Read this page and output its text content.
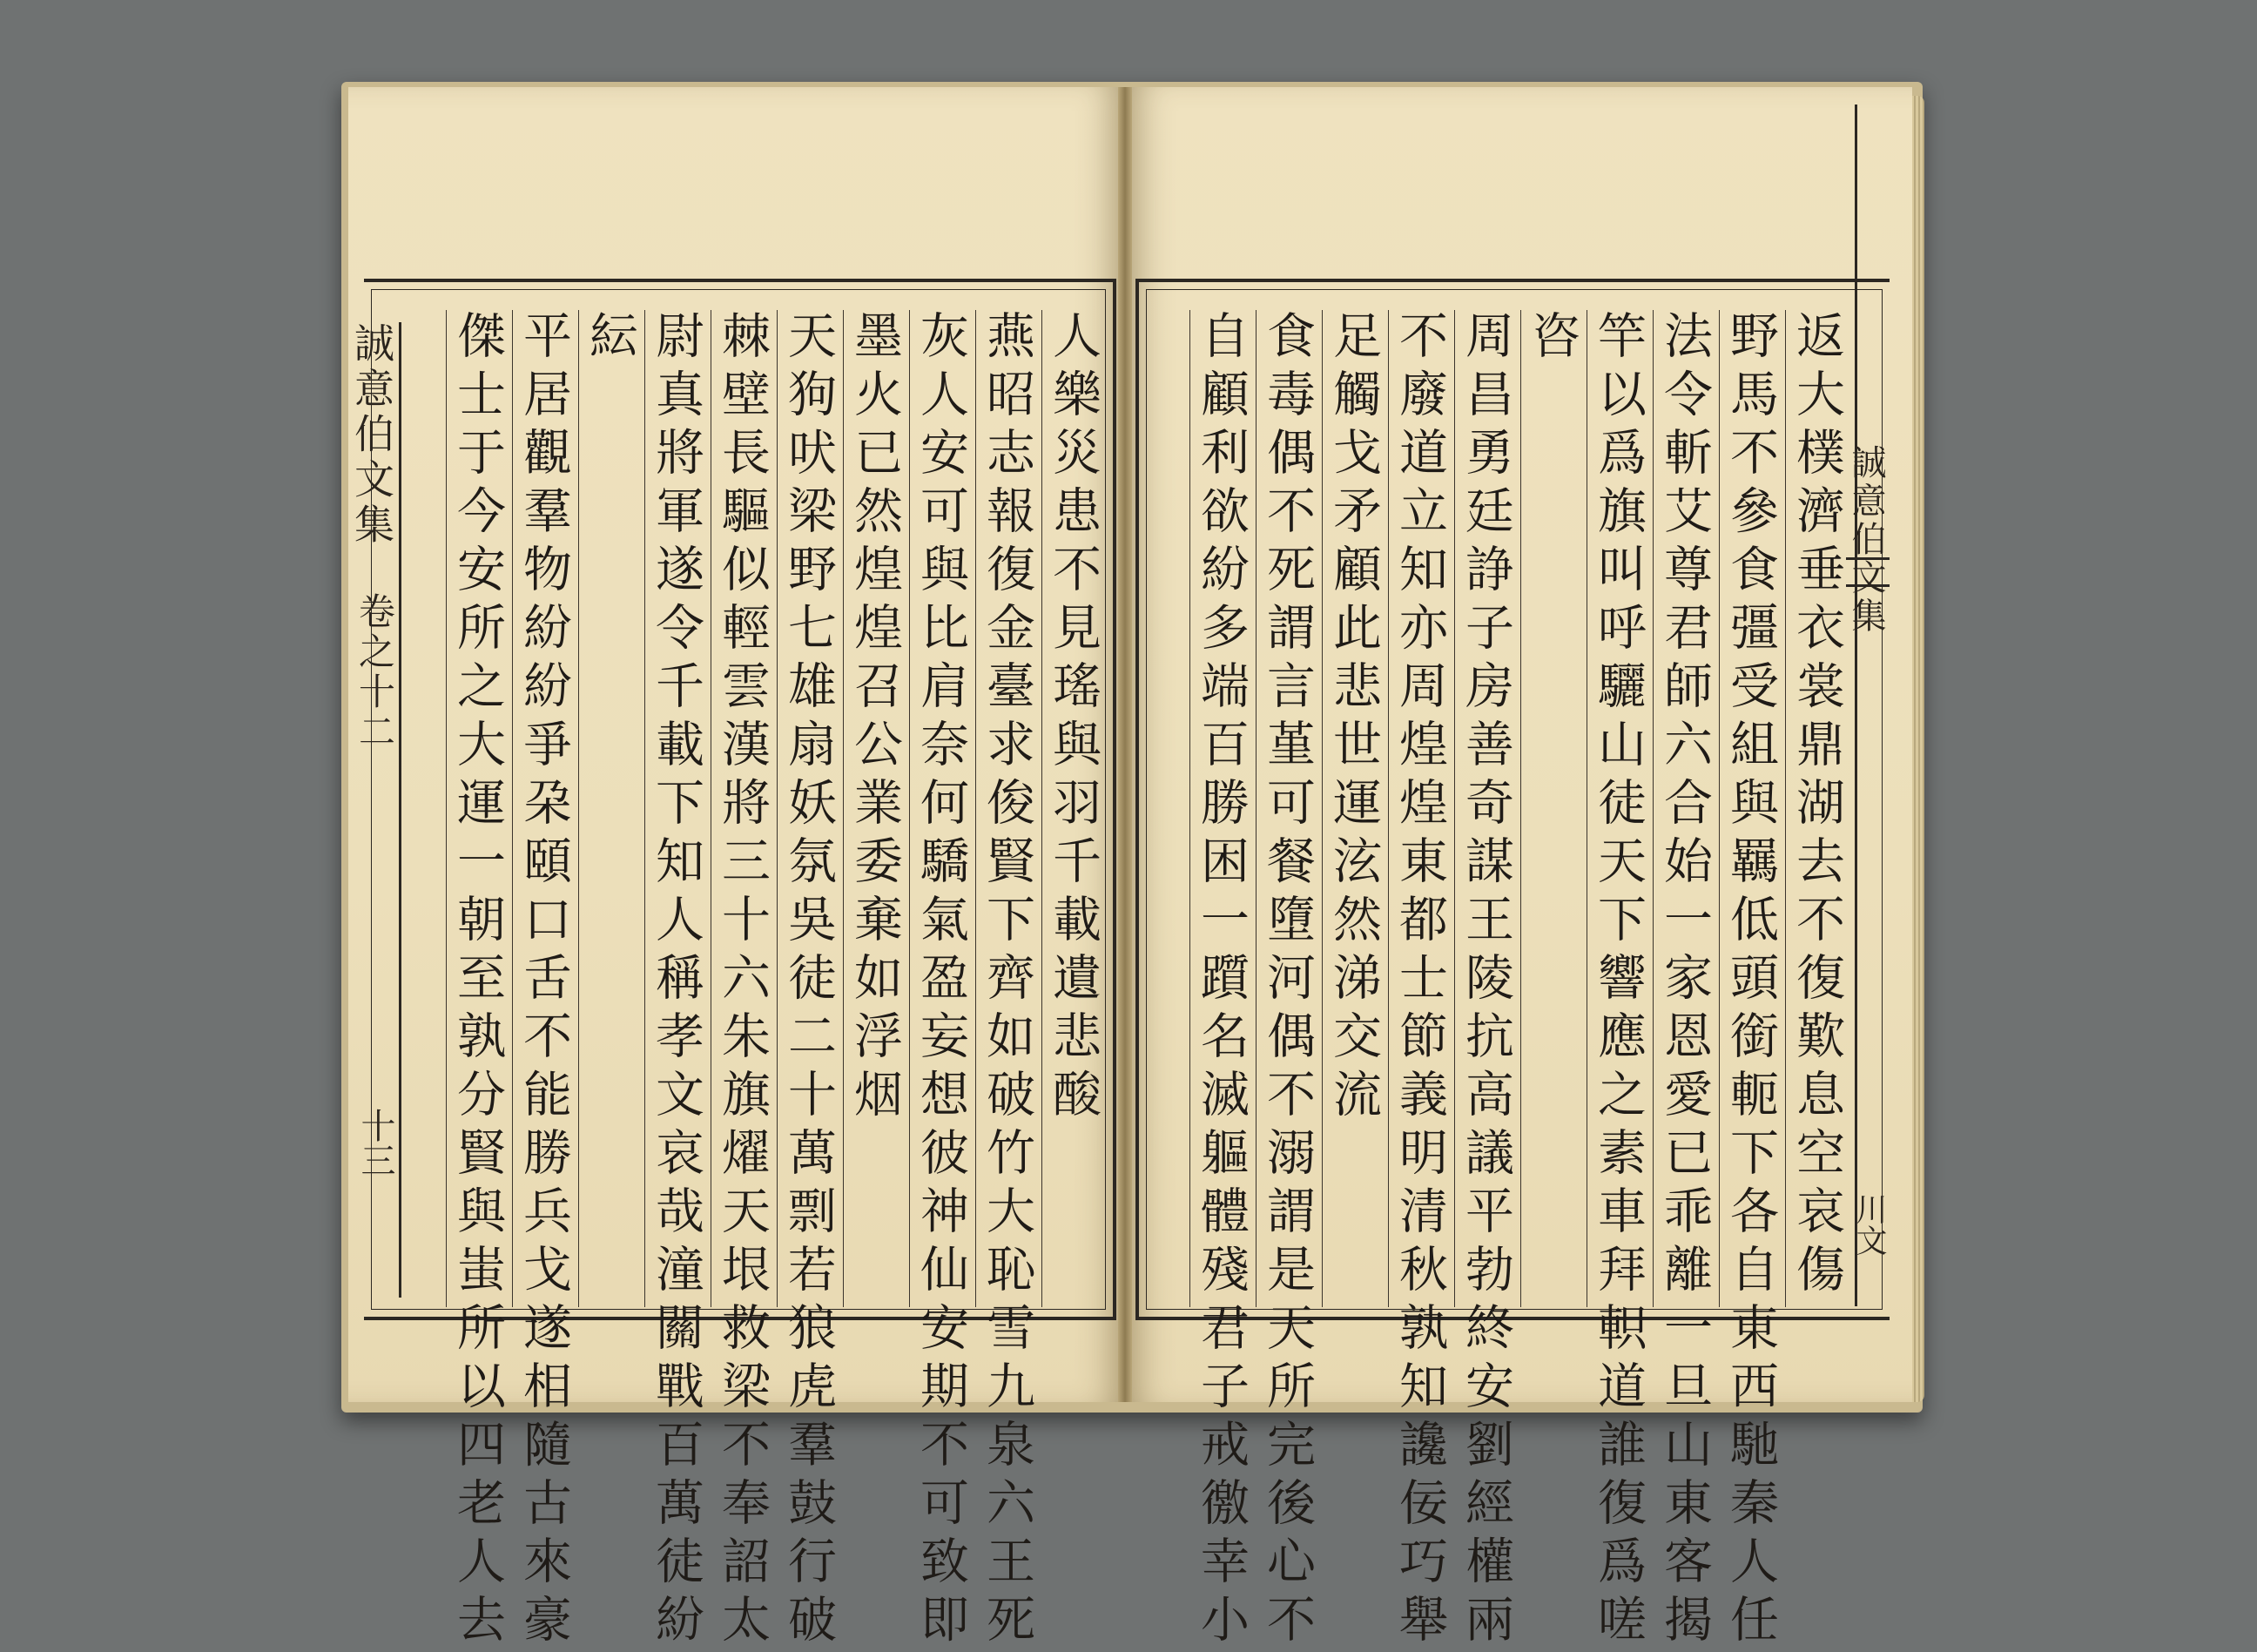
誠意伯文集
卷之十二
十三
人樂災患不見瑤與羽千載遺悲酸
燕昭志報復金臺求俊賢下齊如破竹大恥雪九泉六王死
灰人安可與比肩奈何驕氣盈妄想彼神仙安期不可致即
墨火已然煌煌召公業委棄如浮烟
天狗吠梁野七雄扇妖氛吳徒二十萬剽若狼虎羣鼓行破
棘壁長驅似輕雲漢將三十六朱旗燿天垠救梁不奉詔太
尉真將軍遂令千載下知人稱孝文哀哉潼關戰百萬徒紛
紜
平居觀羣物紛紛爭朶頤口舌不能勝兵戈遂相隨古來豪
傑士于今安所之大運一朝至孰分賢與蚩所以四老人去	返大樸濟垂衣裳鼎湖去不復歎息空哀傷
野馬不參食彊受組與羈低頭銜軛下各自東西馳秦人任
法令斬艾尊君師六合始一家恩愛已乖離一旦山東客揭
竿以爲旗叫呼驪山徒天下響應之素車拜軹道誰復爲嗟
咨
周昌勇廷諍子房善奇謀王陵抗高議平勃終安劉經權兩
不廢道立知亦周煌煌東都士節義明清秋孰知讒佞巧舉
足觸戈矛顧此悲世運泫然涕交流
食毒偶不死謂言堇可餐墮河偶不溺謂是天所完後心不
自顧利欲紛多端百勝困一躓名滅軀體殘君子戒徼幸小	誠意伯文集
川文
